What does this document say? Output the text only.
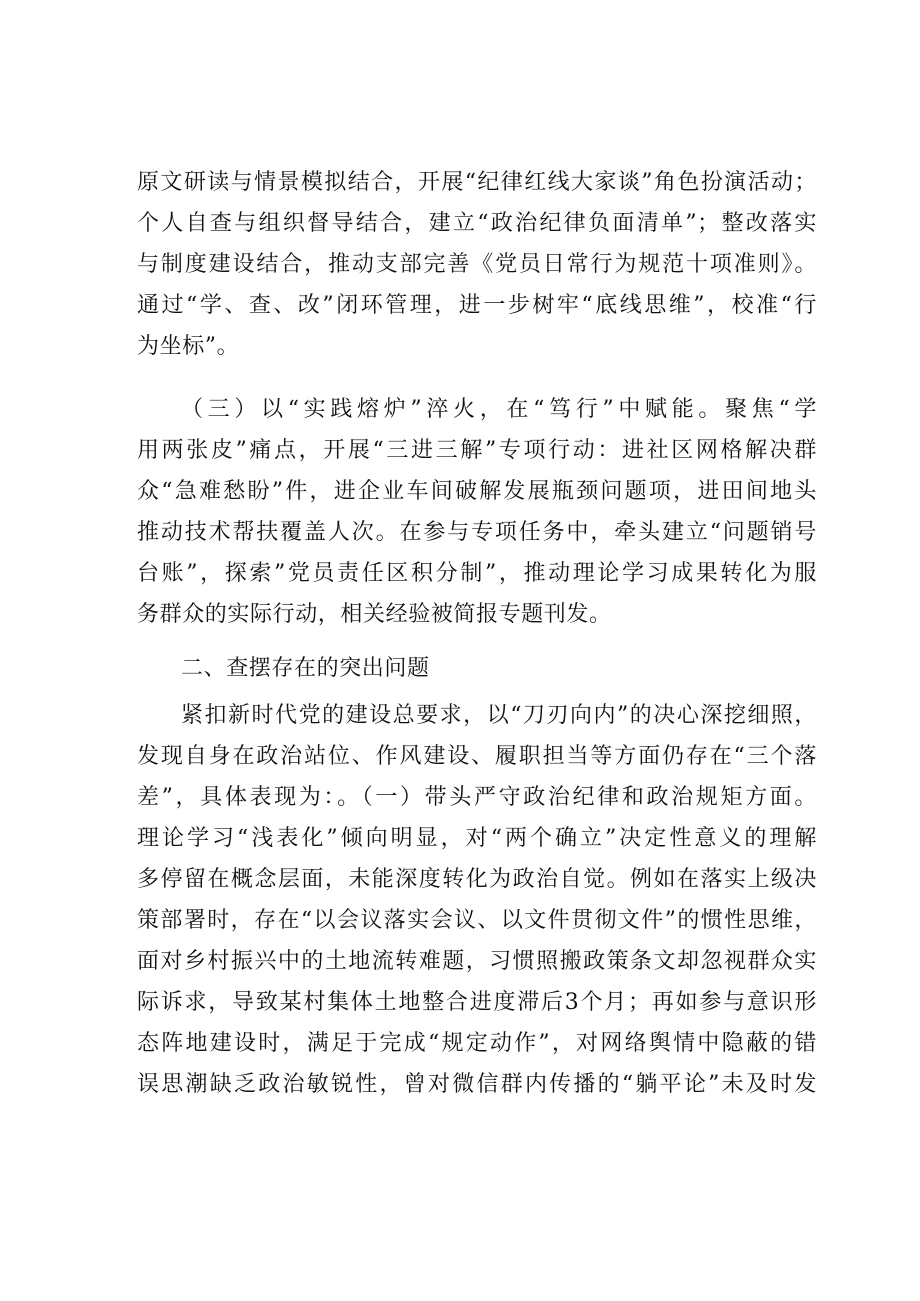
原文研读与情景模拟结合，开展“纪律红线大家谈”角色扮演活动；
个人自查与组织督导结合，建立“政治纪律负面清单”；整改落实
与制度建设结合，推动支部完善《党员日常行为规范十项准则》。
通过“学、查、改”闭环管理，进一步树牢“底线思维”，校准“行
为坐标”。
（三）以“实践熔炉”淬火，在“笃行”中赋能。聚焦“学
用两张皮”痛点，开展“三进三解”专项行动：进社区网格解决群
众“急难愁盼”件，进企业车间破解发展瓶颈问题项，进田间地头
推动技术帮扶覆盖人次。在参与专项任务中，牵头建立“问题销号
台账”，探索”党员责任区积分制”，推动理论学习成果转化为服
务群众的实际行动，相关经验被简报专题刊发。
二、查摆存在的突出问题
紧扣新时代党的建设总要求，以“刀刃向内”的决心深挖细照，
发现自身在政治站位、作风建设、履职担当等方面仍存在“三个落
差”，具体表现为：。（一）带头严守政治纪律和政治规矩方面。
理论学习“浅表化”倾向明显，对“两个确立”决定性意义的理解
多停留在概念层面，未能深度转化为政治自觉。例如在落实上级决
策部署时，存在“以会议落实会议、以文件贯彻文件”的惯性思维，
面对乡村振兴中的土地流转难题，习惯照搬政策条文却忽视群众实
际诉求，导致某村集体土地整合进度滞后3个月；再如参与意识形
态阵地建设时，满足于完成“规定动作”，对网络舆情中隐蔽的错
误思潮缺乏政治敏锐性，曾对微信群内传播的“躺平论”未及时发
